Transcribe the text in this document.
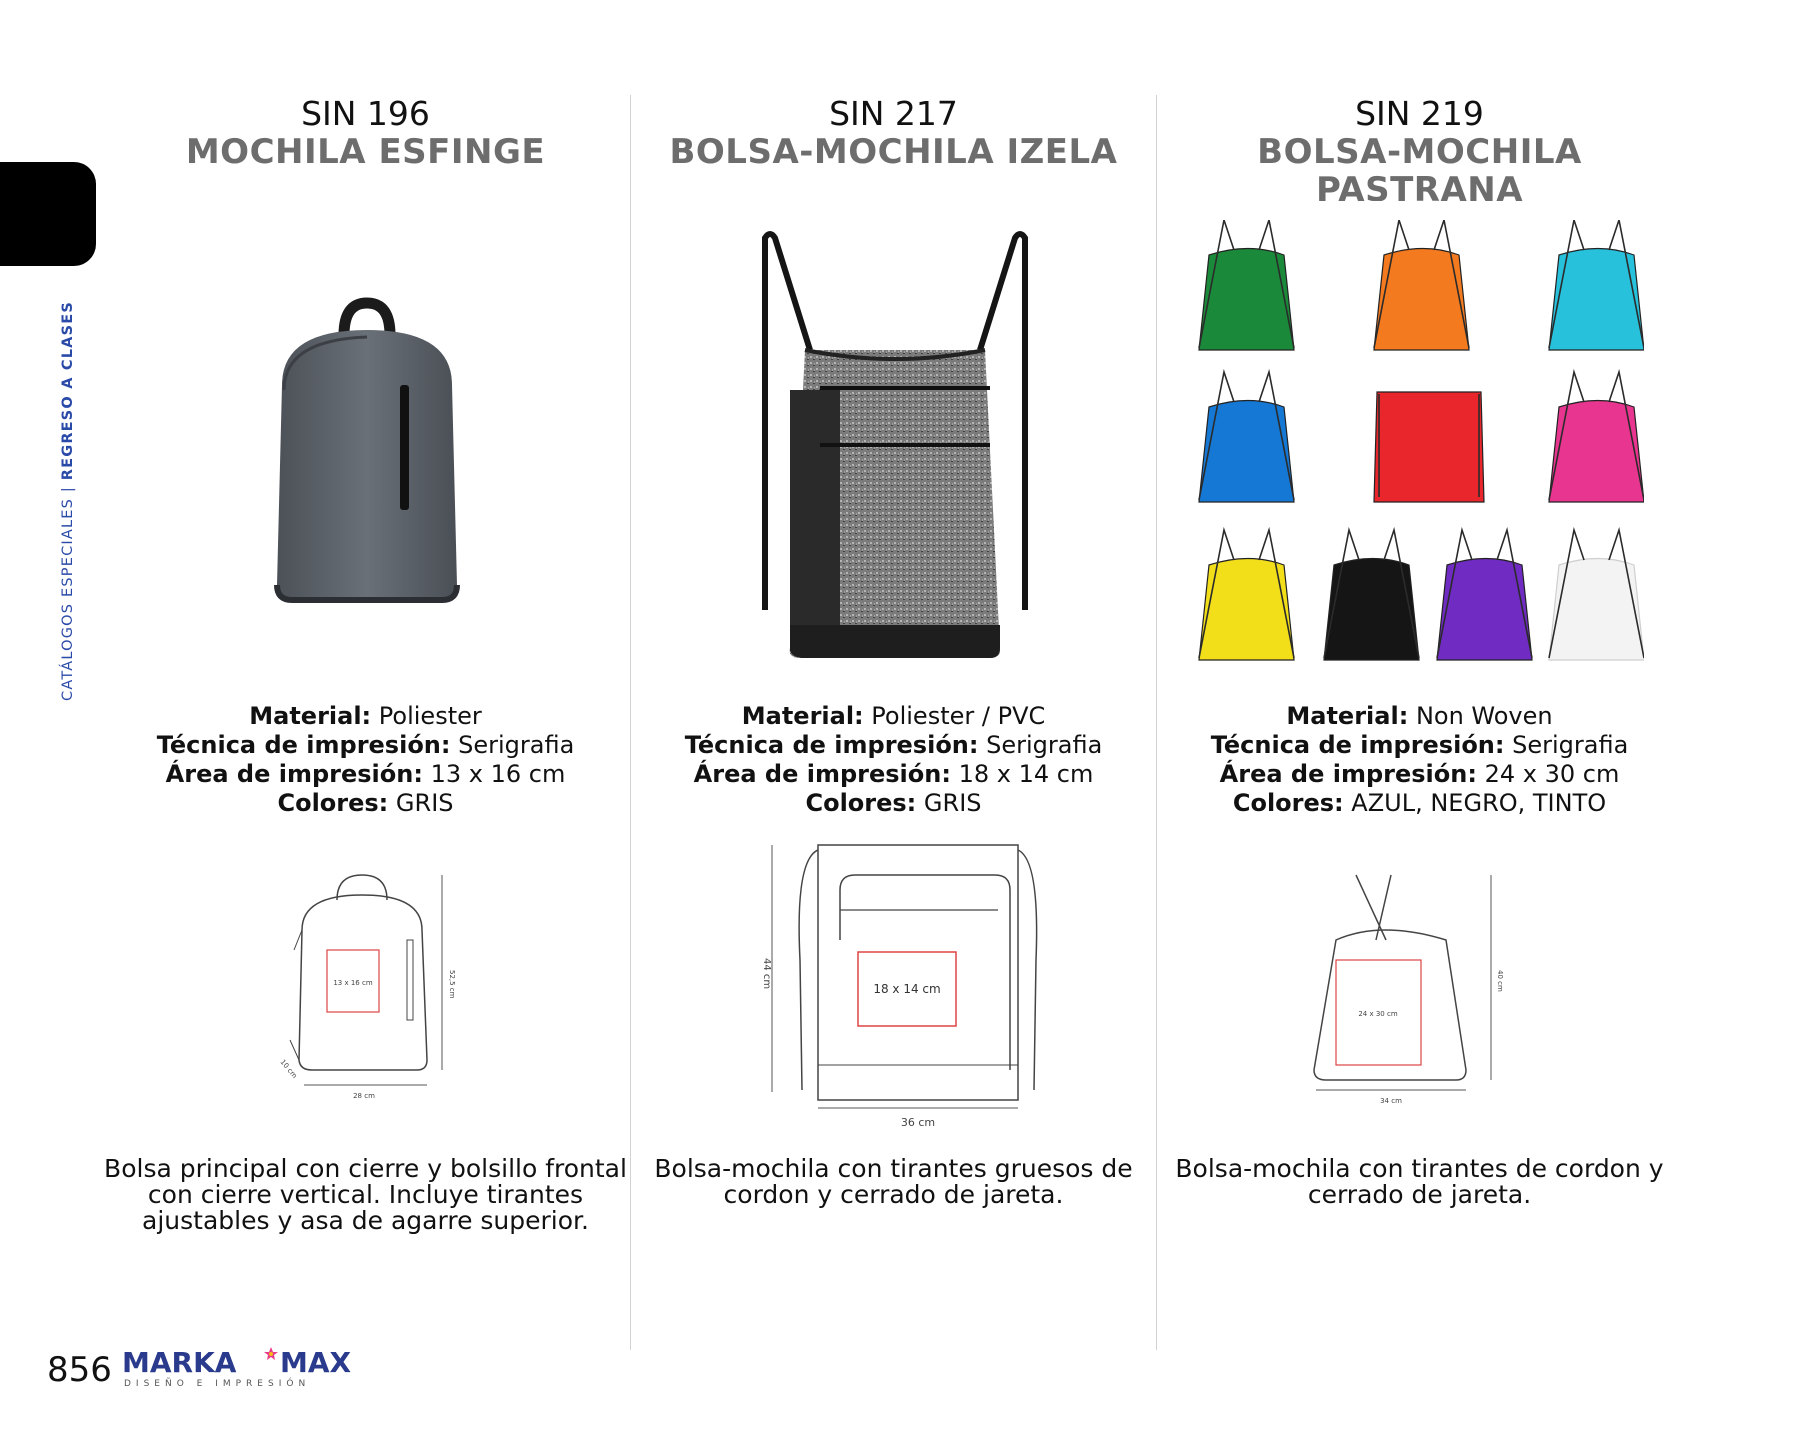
CATÁLOGOS ESPECIALES | REGRESO A CLASES
SIN 196
MOCHILA ESFINGE
Material: Poliester
Técnica de impresión: Serigrafia
Área de impresión: 13 x 16 cm
Colores: GRIS
13 x 16 cm	52,5 cm
28 cm
10 cm
Bolsa principal con cierre y bolsillo frontal con cierre vertical. Incluye tirantes ajustables y asa de agarre superior.
SIN 217
BOLSA-MOCHILA IZELA
Material: Poliester / PVC
Técnica de impresión: Serigrafia
Área de impresión: 18 x 14 cm
Colores: GRIS
18 x 14 cm
44 cm
36 cm
Bolsa-mochila con tirantes gruesos de cordon y cerrado de jareta.
SIN 219
BOLSA-MOCHILA PASTRANA
Material: Non Woven
Técnica de impresión: Serigrafia
Área de impresión: 24 x 30 cm
Colores: AZUL, NEGRO, TINTO
24 x 30 cm
40 cm
34 cm
Bolsa-mochila con tirantes de cordon y cerrado de jareta.
856 MARKA MAX
DISEÑO E IMPRESIÓN
